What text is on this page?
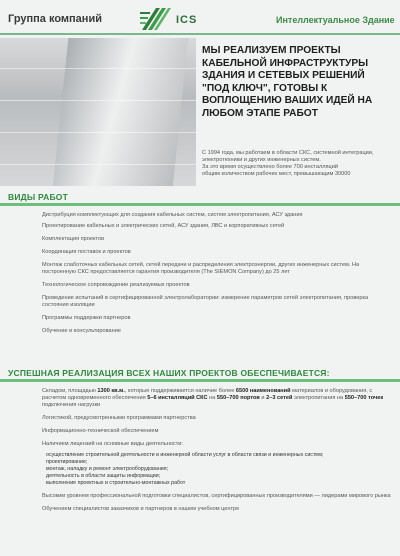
Группа компаний	ICS	Интеллектуальное Здание
МЫ РЕАЛИЗУЕМ ПРОЕКТЫ КАБЕЛЬНОЙ ИНФРАСТРУКТУРЫ ЗДАНИЯ И СЕТЕВЫХ РЕШЕНИЙ "ПОД КЛЮЧ", ГОТОВЫ К ВОПЛОЩЕНИЮ ВАШИХ ИДЕЙ НА ЛЮБОМ ЭТАПЕ РАБОТ
С 1994 года, мы работаем в области СКС, системной интеграции,
электротехники и других инженерных систем.
За это время осуществлено более 700 инсталляций
общим количеством рабочих мест, превышающим 30000
ВИДЫ РАБОТ
Дистрибуция комплектующих для создания кабельных систем, систем электропитания, АСУ здания
Проектирование кабельных и электрических сетей, АСУ здания, ЛВС и корпоративных сетей
Комплектация проектов
Координация поставок и проектов
Монтаж слаботочных кабельных сетей, сетей передачи и распределения электроэнергии, других инженерных систем. На построенную СКС предоставляется гарантия производителя (The SIEMON Company) до 25 лет
Технологическое сопровождение реализуемых проектов
Проведение испытаний в сертифицированной электролаборатории: измерение параметров сетей электропитания, проверка состояния изоляции
Программы поддержки партнеров
Обучение и консультирование
УСПЕШНАЯ РЕАЛИЗАЦИЯ ВСЕХ НАШИХ ПРОЕКТОВ ОБЕСПЕЧИВАЕТСЯ:
Складом, площадью 1300 кв.м., которые поддерживается наличие более 6500 наименований материалов и оборудования, с расчетом одновременного обеспечения 5–6 инсталляций СКС на 550–700 портов и 2–3 сетей электропитания на 550–700 точек подключения нагрузки
Логистикой, предусмотренными программами партнерства
Информационно-технической обеспечением
Наличием лицензий на основные виды деятельности:
осуществление строительной деятельности в инженерной области услуг в области связи и инженерных систем;
проектирование;
монтаж, наладку и ремонт электрооборудования;
деятельность в области защиты информации;
выполнение проектных и строительно-монтажных работ
Высоким уровнем профессиональной подготовки специалистов, сертифицированных производителями — лидерами мирового рынка
Обучением специалистов заказчиков и партнеров в нашем учебном центре
